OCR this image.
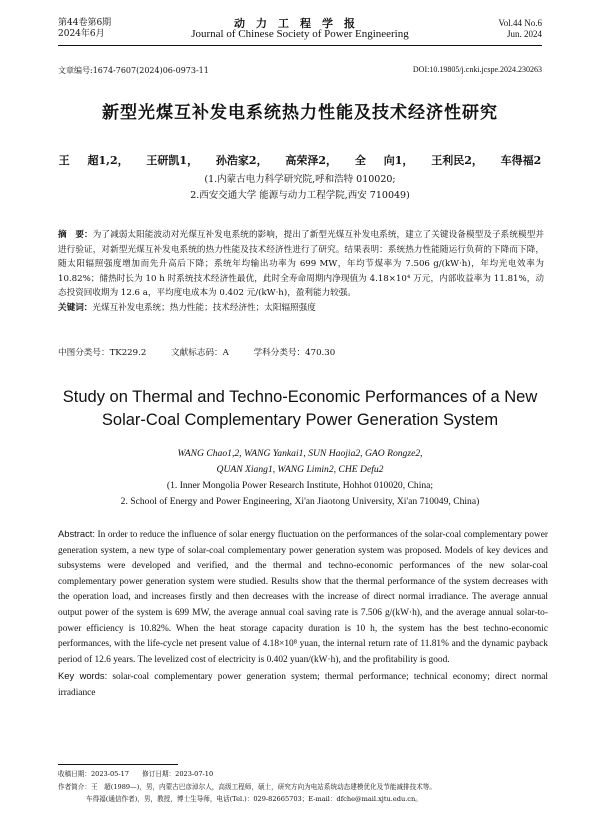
第44卷第6期
2024年6月
动力工程学报
Journal of Chinese Society of Power Engineering
Vol.44 No.6
Jun. 2024
文章编号:1674-7607(2024)06-0973-11	DOI:10.19805/j.cnki.jcspe.2024.230263
新型光煤互补发电系统热力性能及技术经济性研究
王 超1,2， 王研凯1， 孙浩家2， 高荣泽2， 全 向1， 王利民2， 车得福2
(1.内蒙古电力科学研究院,呼和浩特 010020;
2.西安交通大学 能源与动力工程学院,西安 710049)
摘　要：为了减弱太阳能波动对光煤互补发电系统的影响，提出了新型光煤互补发电系统，建立了关键设备模型及子系统模型并进行验证，对新型光煤互补发电系统的热力性能及技术经济性进行了研究。结果表明：系统热力性能随运行负荷的下降而下降，随太阳辐照强度增加而先升高后下降；系统年均输出功率为 699 MW，年均节煤率为 7.506 g/(kW·h)，年均光电效率为 10.82%；储热时长为 10 h 时系统技术经济性最优，此时全寿命周期内净现值为 4.18×10⁴ 万元，内部收益率为 11.81%，动态投资回收期为 12.6 a，平均度电成本为 0.402 元/(kW·h)，盈利能力较强。
关键词：光煤互补发电系统；热力性能；技术经济性；太阳辐照强度
中图分类号：TK229.2	文献标志码：A	学科分类号：470.30
Study on Thermal and Techno-Economic Performances of a New
Solar-Coal Complementary Power Generation System
WANG Chao1,2, WANG Yankai1, SUN Haojia2, GAO Rongze2,
QUAN Xiang1, WANG Limin2, CHE Defu2
(1. Inner Mongolia Power Research Institute, Hohhot 010020, China;
2. School of Energy and Power Engineering, Xi'an Jiaotong University, Xi'an 710049, China)
Abstract: In order to reduce the influence of solar energy fluctuation on the performances of the solar-coal complementary power generation system, a new type of solar-coal complementary power generation system was proposed. Models of key devices and subsystems were developed and verified, and the thermal and techno-economic performances of the new solar-coal complementary power generation system were studied. Results show that the thermal performance of the system decreases with the operation load, and increases firstly and then decreases with the increase of direct normal irradiance. The average annual output power of the system is 699 MW, the average annual coal saving rate is 7.506 g/(kW·h), and the average annual solar-to-power efficiency is 10.82%. When the heat storage capacity duration is 10 h, the system has the best techno-economic performances, with the life-cycle net present value of 4.18×10⁸ yuan, the internal return rate of 11.81% and the dynamic payback period of 12.6 years. The levelized cost of electricity is 0.402 yuan/(kW·h), and the profitability is good.
Key words: solar-coal complementary power generation system; thermal performance; technical economy; direct normal irradiance
收稿日期：2023-05-17　　修订日期：2023-07-10
作者简介：王　超(1989—)，男，内蒙古巴彦淖尔人，高级工程师，硕士，研究方向为电站系统动态建模优化及节能减排技术等。
车得福(通信作者)，男，教授，博士生导师，电话(Tel.)：029-82665703；E-mail：dfche@mail.xjtu.edu.cn。
